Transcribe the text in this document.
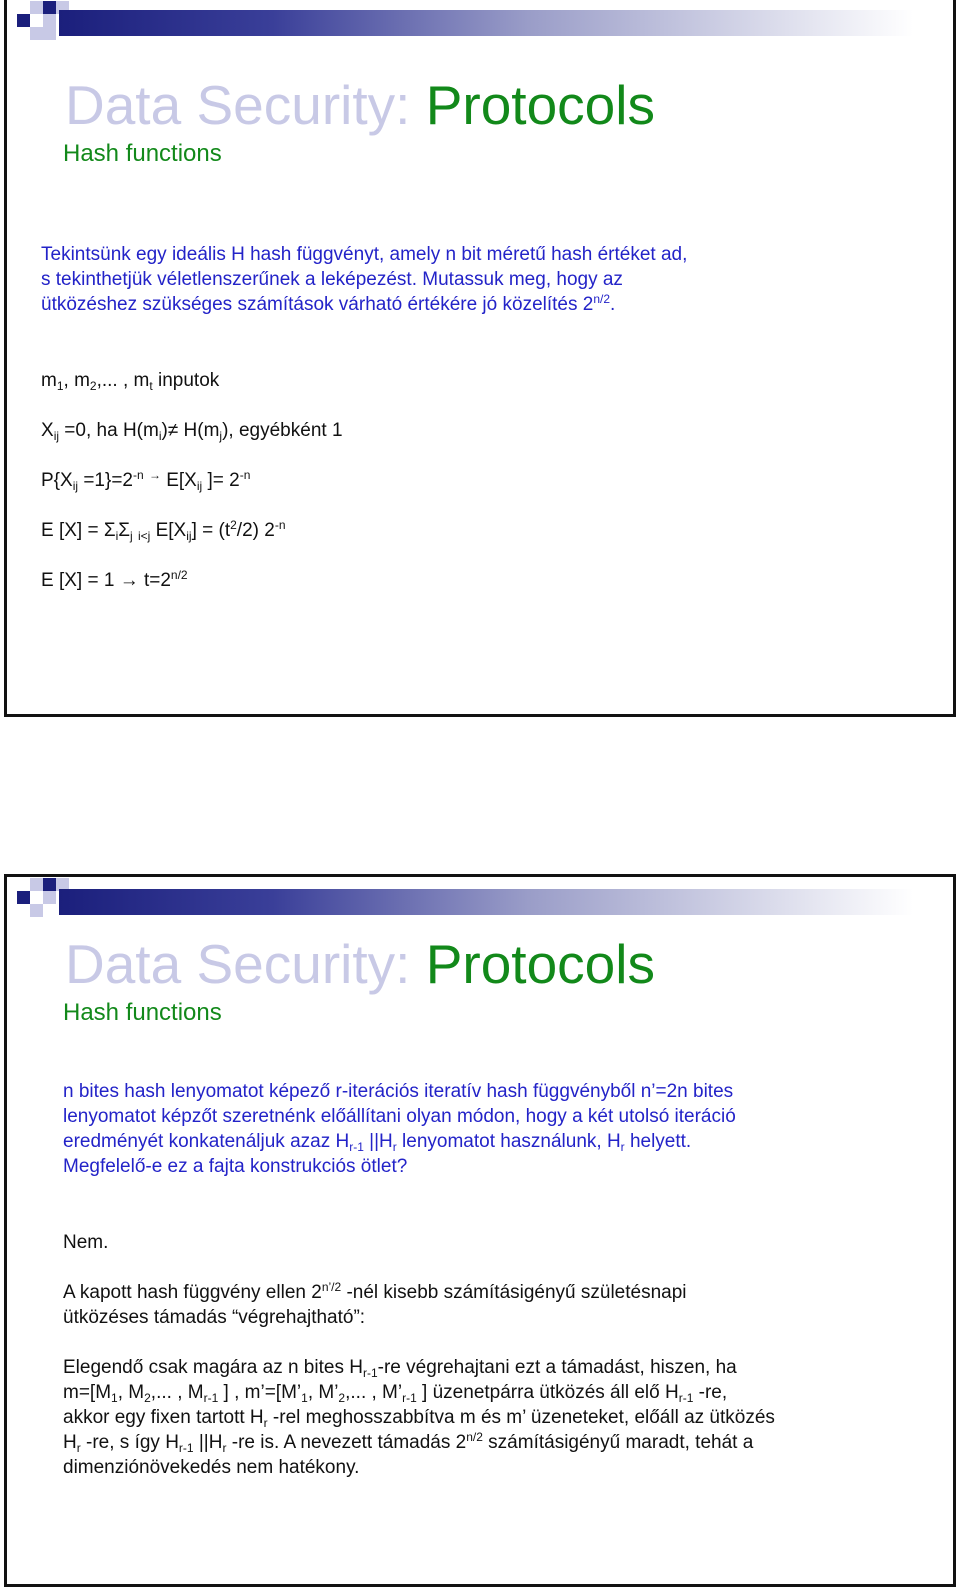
Data Security: Protocols
Hash functions
Tekintsünk egy ideális H hash függvényt, amely n bit méretű hash értéket ad,
s tekinthetjük véletlenszerűnek a leképezést. Mutassuk meg, hogy az
ütközéshez szükséges számítások várható értékére jó közelítés $2^{n/2}$.
$m_1$, $m_2$,... , $m_t$ inputok
$X_{ij} =0$, ha $H(m_i)\ne H(m_j)$, egyébként 1
$P\{X_{ij} =1\}=2^{-n}$ → $E[X_{ij}$ ]= $2^{-n}$
E $[X] = \Sigma_i\Sigma_j$ $_{i<j}$ $E[X_{ij}] = (t^2/2)$ $2^{-n}$
E $[X] = 1 \to t=2^{n/2}$
Data Security: Protocols
Hash functions
n bites hash lenyomatot képező r-iterációs iteratív hash függvényből n’=2n bites
lenyomatot képzőt szeretnénk előállítani olyan módon, hogy a két utolsó iteráció
eredményét konkatenáljuk azaz $H_{r-1}$ $||H_r$ lenyomatot használunk, $H_r$ helyett.
Megfelelő-e ez a fajta konstrukciós ötlet?
Nem.
A kapott hash függvény ellen $2^{n’/2}$ -nél kisebb számításigényű születésnapi
ütközéses támadás “végrehajtható”:
Elegendő csak magára az n bites $H_{r-1}-re$ végrehajtani ezt a támadást, hiszen, ha
$m=[M_1$, $M_2$,... , $M_{r-1}$ ] , $m’=[M’_1$, $M’_2$,... , $M’_{r-1}$ ] üzenetpárra ütközés áll elő $H_{r-1}$ -re,
akkor egy fixen tartott $H_r$ -rel meghosszabbítva m és m’ üzeneteket, előáll az ütközés
$H_r$ -re, s így $H_{r-1}$ $||H_r$ -re is. A nevezett támadás $2^{n/2}$ számításigényű maradt, tehát a
dimenziónövekedés nem hatékony.
